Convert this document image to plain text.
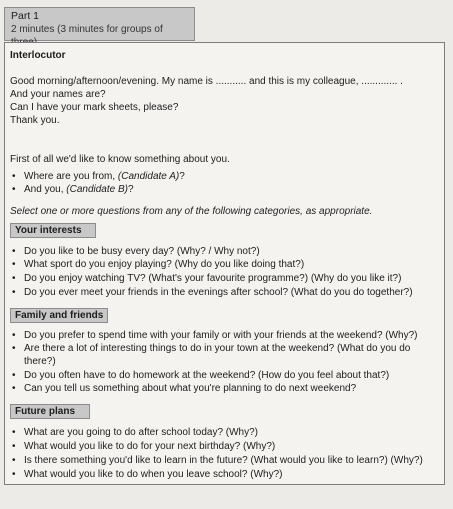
Part 1
2 minutes (3 minutes for groups of
Interlocutor
Good morning/afternoon/evening. My name is ........... and this is my colleague, ............. .
And your names are?
Can I have your mark sheets, please?
Thank you.
First of all we'd like to know something about you.
• Where are you from, (Candidate A)?
• And you, (Candidate B)?
Select one or more questions from any of the following categories, as appropriate.
Your interests
• Do you like to be busy every day? (Why? / Why not?)
• What sport do you enjoy playing? (Why do you like doing that?)
• Do you enjoy watching TV? (What's your favourite programme?) (Why do you like it?)
• Do you ever meet your friends in the evenings after school? (What do you do together?)
Family and friends
• Do you prefer to spend time with your family or with your friends at the weekend? (Why?)
• Are there a lot of interesting things to do in your town at the weekend? (What do you do
there?)
• Do you often have to do homework at the weekend? (How do you feel about that?)
• Can you tell us something about what you're planning to do next weekend?
Future plans
• What are you going to do after school today? (Why?)
• What would you like to do for your next birthday? (Why?)
• Is there something you'd like to learn in the future? (What would you like to learn?) (Why?)
• What would you like to do when you leave school? (Why?)
